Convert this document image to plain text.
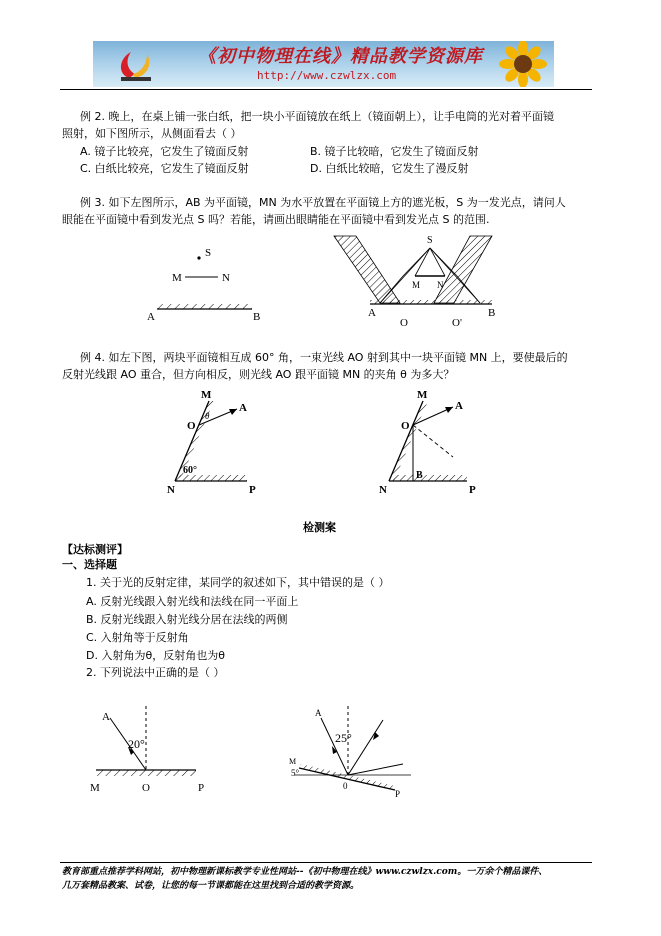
《初中物理在线》精品教学资源库
http://www.czwlzx.com
例 2. 晚上，在桌上铺一张白纸，把一块小平面镜放在纸上（镜面朝上），让手电筒的光对着平面镜
照射，如下图所示，从侧面看去（ ）
A. 镜子比较亮，它发生了镜面反射	B. 镜子比较暗，它发生了镜面反射
C. 白纸比较亮，它发生了镜面反射	D. 白纸比较暗，它发生了漫反射
例 3. 如下左图所示，AB 为平面镜，MN 为水平放置在平面镜上方的遮光板，S 为一发光点，请问人
眼能在平面镜中看到发光点 S 吗？若能，请画出眼睛能在平面镜中看到发光点 S 的范围.
S
M	N
A	B
S
M N
A
O	O'
B
例 4. 如左下图，两块平面镜相互成 60° 角，一束光线 AO 射到其中一块平面镜 MN 上，要使最后的
反射光线跟 AO 重合，但方向相反，则光线 AO 跟平面镜 MN 的夹角 θ 为多大？
M
A
O
θ
60°
N	P
M
A
O
B
N	P
检测案
【达标测评】
一、选择题
1. 关于光的反射定律，某同学的叙述如下，其中错误的是（ ）
A. 反射光线跟入射光线和法线在同一平面上
B. 反射光线跟入射光线分居在法线的两侧
C. 入射角等于反射角
D. 入射角为θ，反射角也为θ
2. 下列说法中正确的是（ ）
A
20°
M	O	P
A
25°
M
5°
0
P
教育部重点推荐学科网站，初中物理新课标教学专业性网站--《初中物理在线》www.czwlzx.com。一万余个精品课件、
几万套精品教案、试卷，让您的每一节课都能在这里找到合适的教学资源。
